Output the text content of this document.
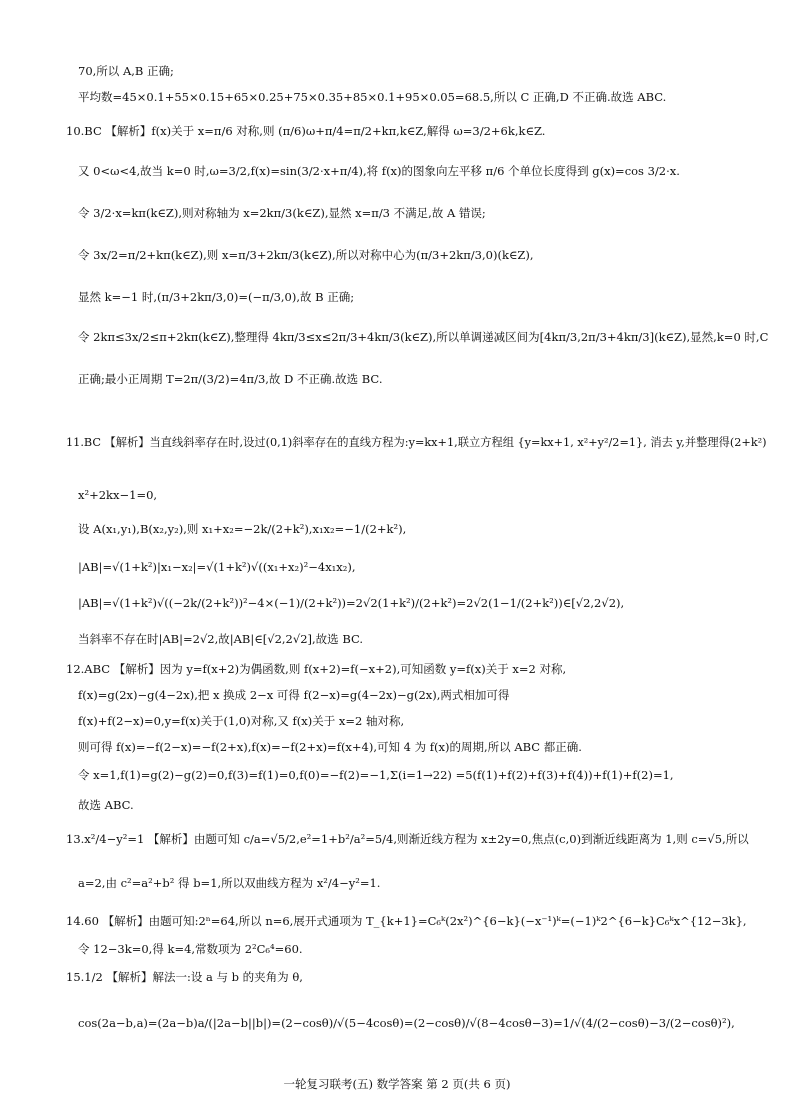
70,所以 A,B 正确;
平均数=45×0.1+55×0.15+65×0.25+75×0.35+85×0.1+95×0.05=68.5,所以 C 正确,D 不正确.故选 ABC.
10.BC 【解析】f(x)关于 x=π/6 对称,则 (π/6)ω+π/4=π/2+kπ,k∈Z,解得 ω=3/2+6k,k∈Z.
又 0<ω<4,故当 k=0 时,ω=3/2,f(x)=sin(3/2·x+π/4),将 f(x)的图象向左平移 π/6 个单位长度得到 g(x)=cos 3/2·x.
令 3/2·x=kπ(k∈Z),则对称轴为 x=2kπ/3(k∈Z),显然 x=π/3 不满足,故 A 错误;
令 3x/2=π/2+kπ(k∈Z),则 x=π/3+2kπ/3(k∈Z),所以对称中心为(π/3+2kπ/3,0)(k∈Z),
显然 k=−1 时,(π/3+2kπ/3,0)=(−π/3,0),故 B 正确;
令 2kπ≤3x/2≤π+2kπ(k∈Z),整理得 4kπ/3≤x≤2π/3+4kπ/3(k∈Z),所以单调递减区间为[4kπ/3,2π/3+4kπ/3](k∈Z),显然,k=0 时,C
正确;最小正周期 T=2π/(3/2)=4π/3,故 D 不正确.故选 BC.
11.BC 【解析】当直线斜率存在时,设过(0,1)斜率存在的直线方程为:y=kx+1,联立方程组 {y=kx+1, x²+y²/2=1}, 消去 y,并整理得(2+k²)
x²+2kx−1=0,
设 A(x₁,y₁),B(x₂,y₂),则 x₁+x₂=−2k/(2+k²),x₁x₂=−1/(2+k²),
|AB|=√(1+k²)|x₁−x₂|=√(1+k²)√((x₁+x₂)²−4x₁x₂),
|AB|=√(1+k²)√((−2k/(2+k²))²−4×(−1)/(2+k²))=2√2(1+k²)/(2+k²)=2√2(1−1/(2+k²))∈[√2,2√2),
当斜率不存在时|AB|=2√2,故|AB|∈[√2,2√2],故选 BC.
12.ABC 【解析】因为 y=f(x+2)为偶函数,则 f(x+2)=f(−x+2),可知函数 y=f(x)关于 x=2 对称,
f(x)=g(2x)−g(4−2x),把 x 换成 2−x 可得 f(2−x)=g(4−2x)−g(2x),两式相加可得
f(x)+f(2−x)=0,y=f(x)关于(1,0)对称,又 f(x)关于 x=2 轴对称,
则可得 f(x)=−f(2−x)=−f(2+x),f(x)=−f(2+x)=f(x+4),可知 4 为 f(x)的周期,所以 ABC 都正确.
令 x=1,f(1)=g(2)−g(2)=0,f(3)=f(1)=0,f(0)=−f(2)=−1,Σ(i=1→22) =5(f(1)+f(2)+f(3)+f(4))+f(1)+f(2)=1,
故选 ABC.
13.x²/4−y²=1 【解析】由题可知 c/a=√5/2,e²=1+b²/a²=5/4,则渐近线方程为 x±2y=0,焦点(c,0)到渐近线距离为 1,则 c=√5,所以
a=2,由 c²=a²+b² 得 b=1,所以双曲线方程为 x²/4−y²=1.
14.60 【解析】由题可知:2ⁿ=64,所以 n=6,展开式通项为 T_{k+1}=C₆ᵏ(2x²)^{6−k}(−x⁻¹)ᵏ=(−1)ᵏ2^{6−k}C₆ᵏx^{12−3k},
令 12−3k=0,得 k=4,常数项为 2²C₆⁴=60.
15.1/2 【解析】解法一:设 a 与 b 的夹角为 θ,
cos(2a−b,a)=(2a−b)a/(|2a−b||b|)=(2−cosθ)/√(5−4cosθ)=(2−cosθ)/√(8−4cosθ−3)=1/√(4/(2−cosθ)−3/(2−cosθ)²),
一轮复习联考(五) 数学答案 第 2 页(共 6 页)
